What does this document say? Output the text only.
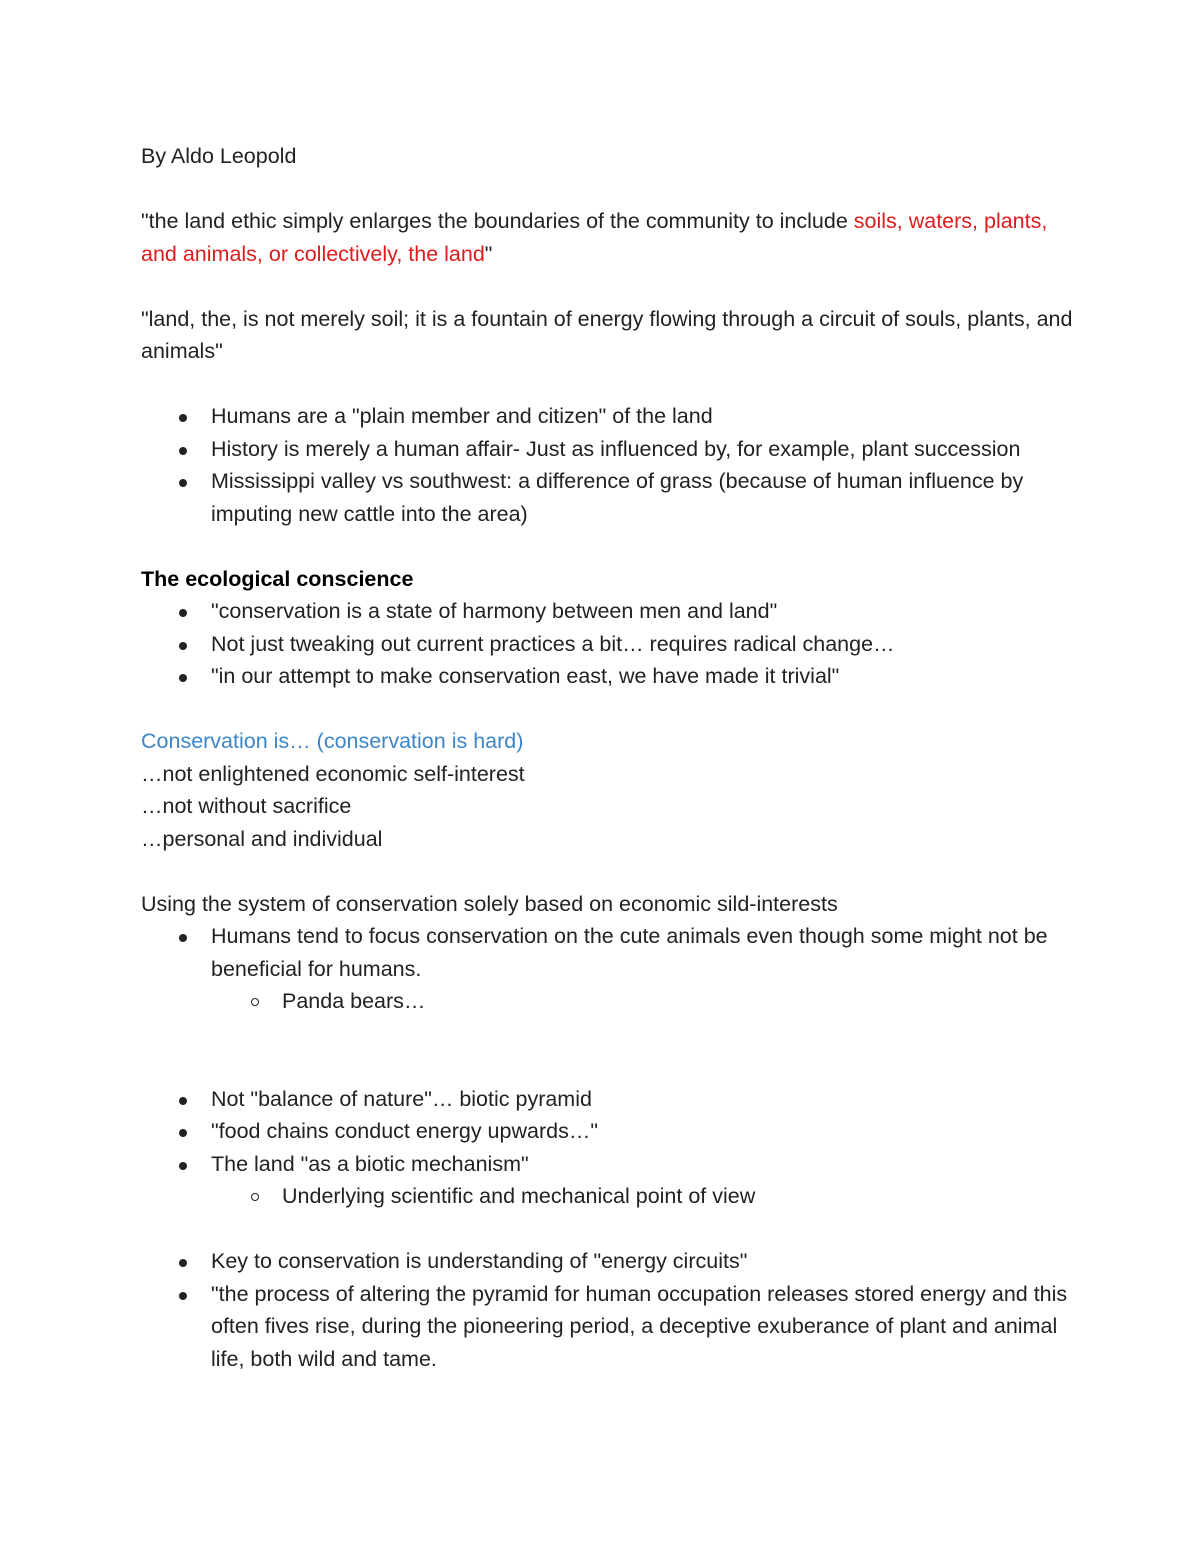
By Aldo Leopold

"the land ethic simply enlarges the boundaries of the community to include soils, waters, plants, and animals, or collectively, the land"

"land, the, is not merely soil; it is a fountain of energy flowing through a circuit of souls, plants, and animals"

Humans are a "plain member and citizen" of the land
History is merely a human affair- Just as influenced by, for example, plant succession
Mississippi valley vs southwest: a difference of grass (because of human influence by imputing new cattle into the area)

The ecological conscience

"conservation is a state of harmony between men and land"
Not just tweaking out current practices a bit… requires radical change…
"in our attempt to make conservation east, we have made it trivial"

Conservation is… (conservation is hard)

…not enlightened economic self-interest

…not without sacrifice

…personal and individual

Using the system of conservation solely based on economic sild-interests

Humans tend to focus conservation on the cute animals even though some might not be beneficial for humans.
Panda bears…
Not "balance of nature"… biotic pyramid
"food chains conduct energy upwards…"
The land "as a biotic mechanism"
Underlying scientific and mechanical point of view
Key to conservation is understanding of "energy circuits"
"the process of altering the pyramid for human occupation releases stored energy and this often fives rise, during the pioneering period, a deceptive exuberance of plant and animal life, both wild and tame.
